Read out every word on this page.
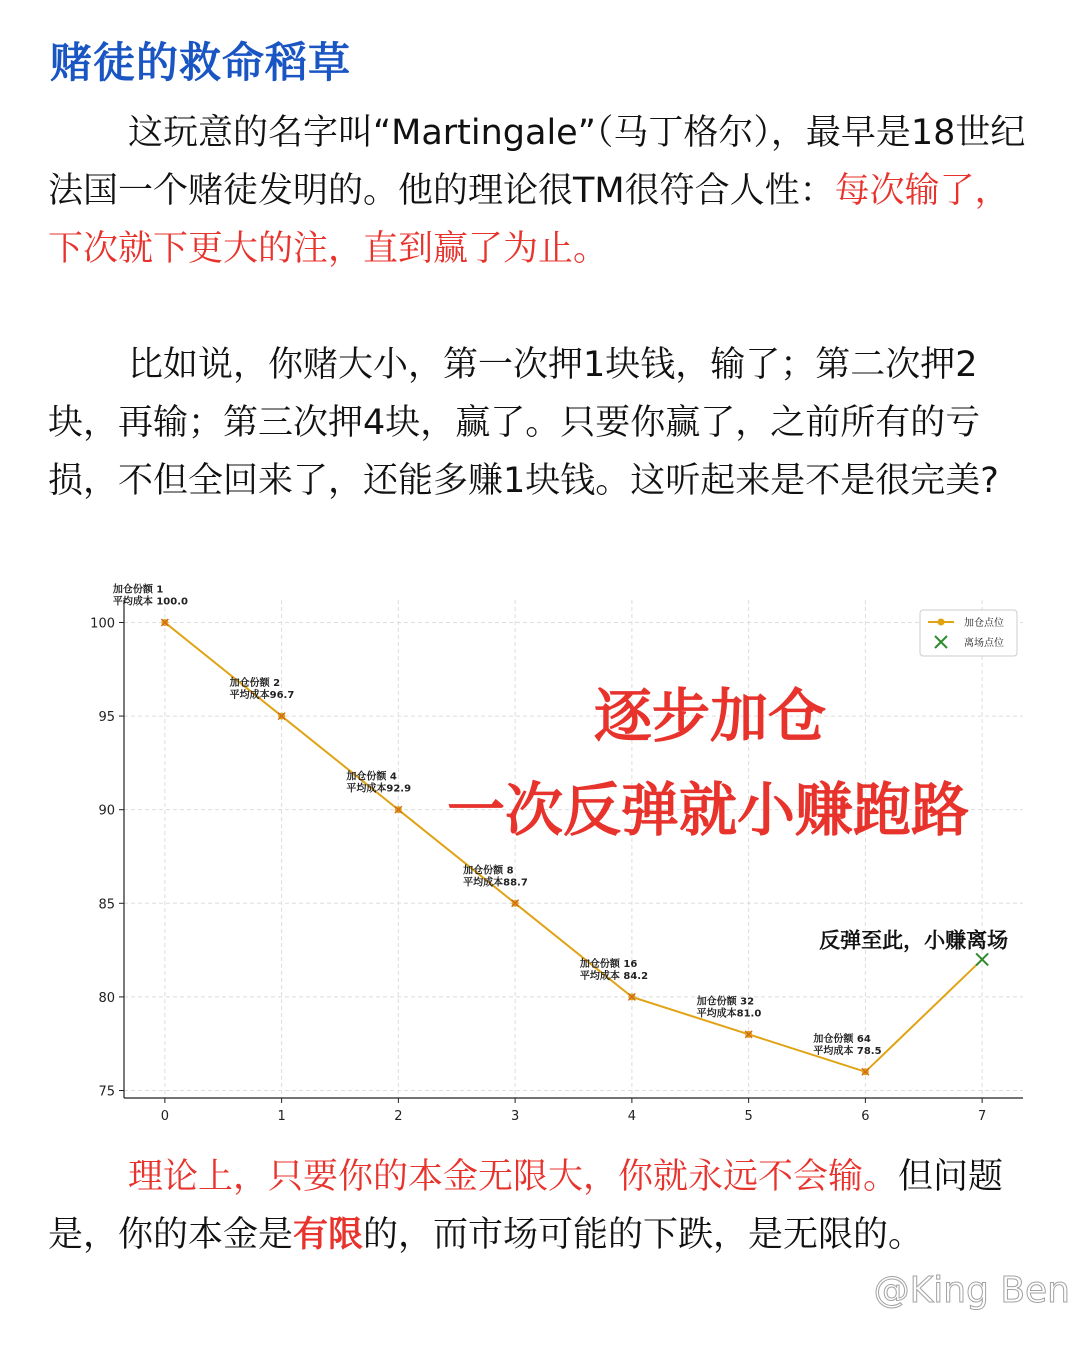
赌徒的救命稻草

这玩意的名字叫“Martingale”（马丁格尔），最早是18世纪法国一个赌徒发明的。他的理论很TM很符合人性：每次输了，下次就下更大的注，直到赢了为止。

比如说，你赌大小，第一次押1块钱，输了；第二次押2块，再输；第三次押4块，赢了。只要你赢了，之前所有的亏损，不但全回来了，还能多赚1块钱。这听起来是不是很完美?

0	1	2	3	4	5	6	7
75
80
85
90
95
100
加仓份额 1
平均成本 100.0
加仓份额 2
平均成本96.7
加仓份额 4
平均成本92.9
加仓份额 8
平均成本88.7
加仓份额 16
平均成本 84.2
加仓份额 32
平均成本81.0
加仓份额 64
平均成本 78.5
反弹至此，小赚离场
逐步加仓
一次反弹就小赚跑路
加仓点位
离场点位

理论上，只要你的本金无限大，你就永远不会输。但问题是，你的本金是有限的，而市场可能的下跌，是无限的。

@King Ben
